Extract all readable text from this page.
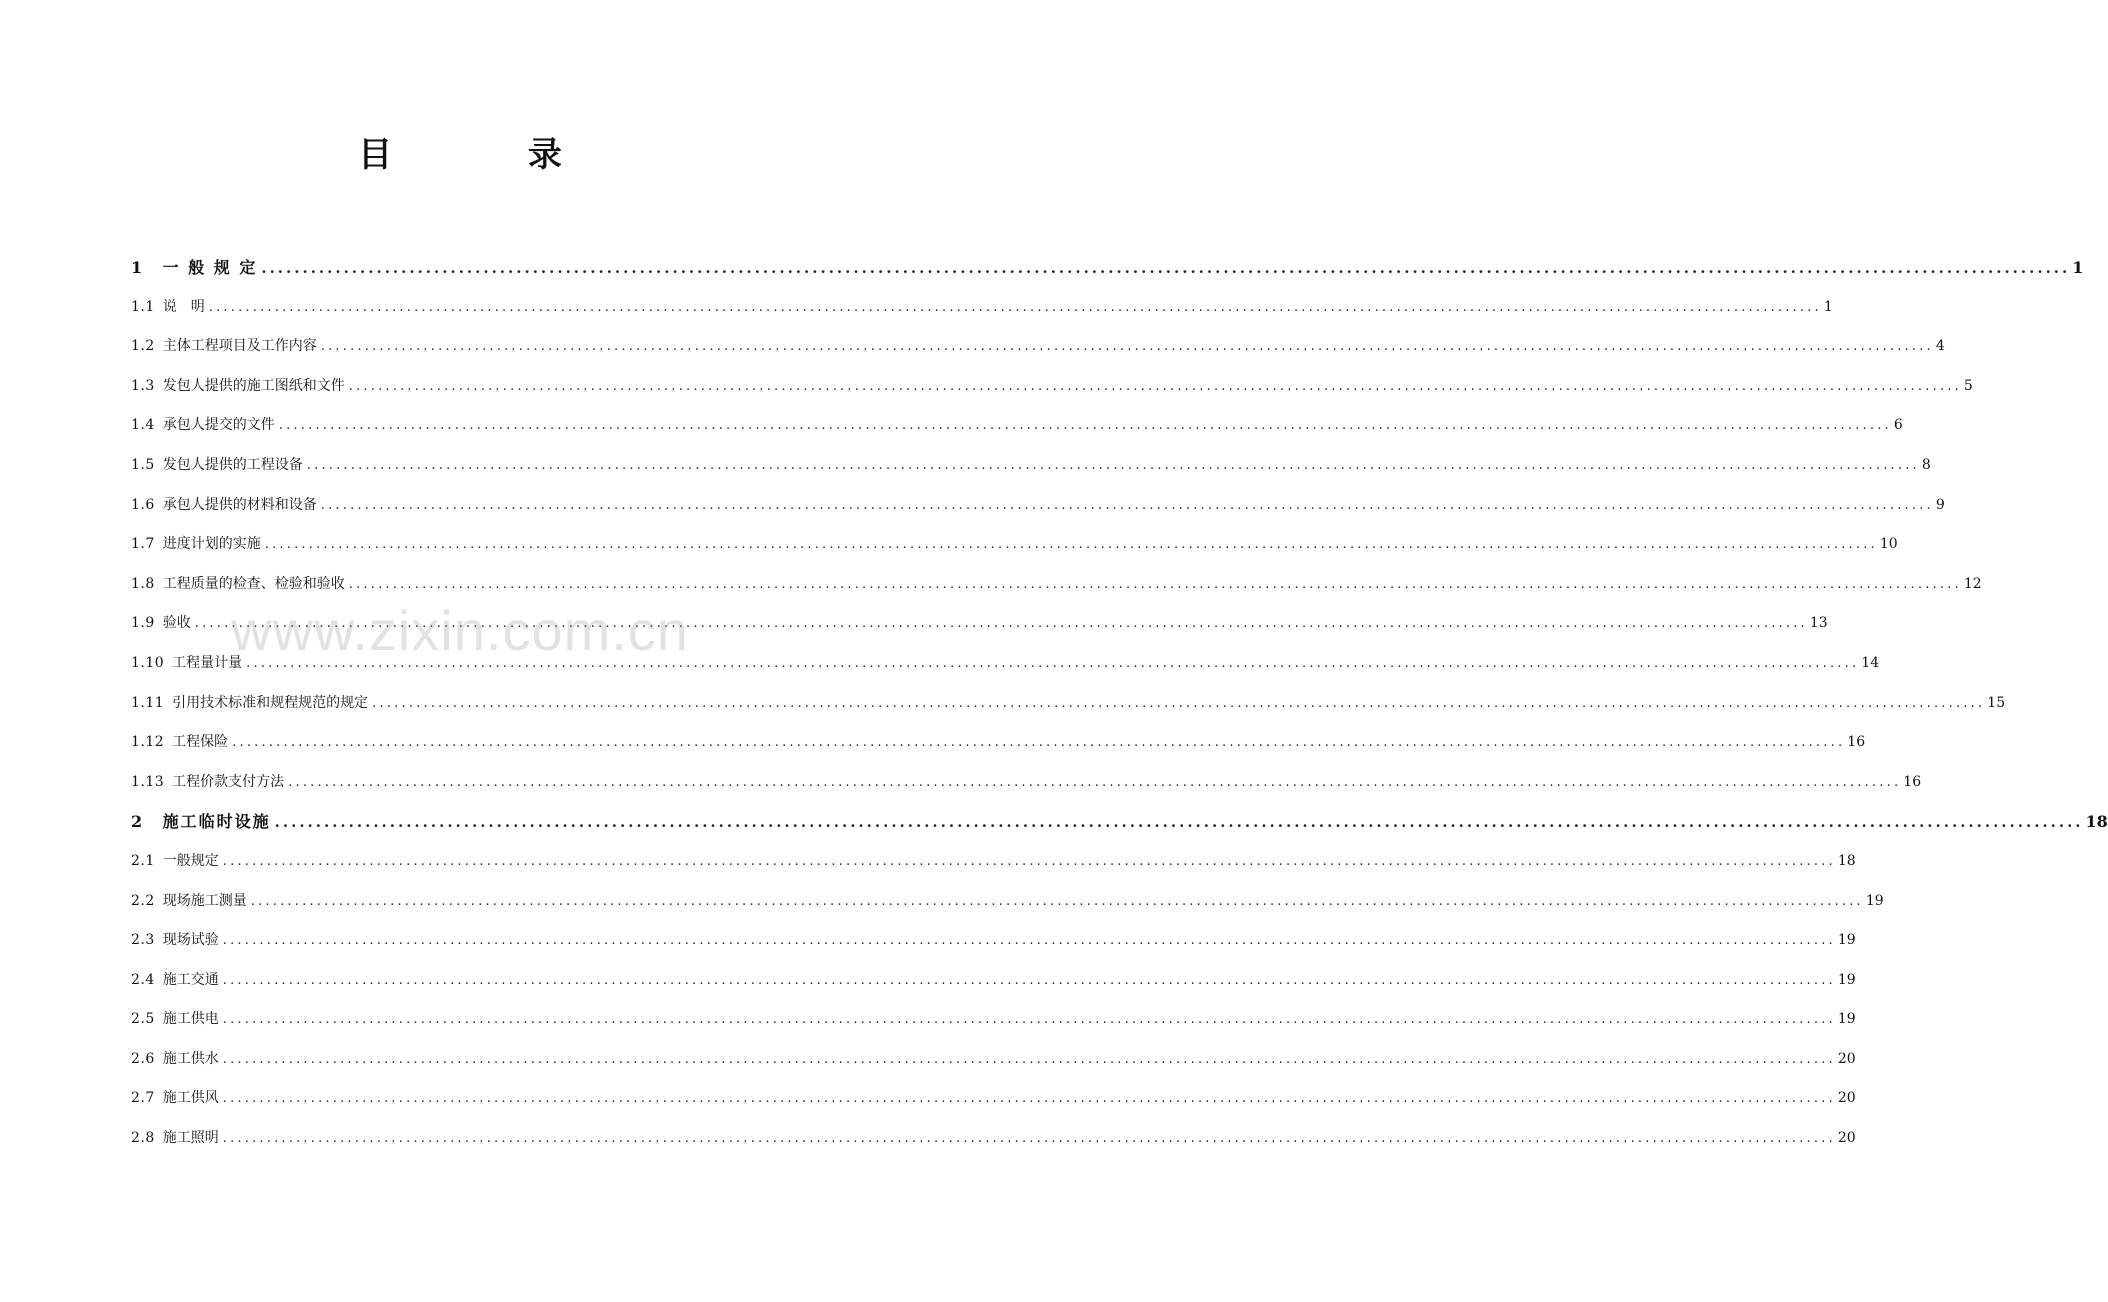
目 录
1	一 般 规 定 ............................................................................................................................................................................................................................ 1
1.1 说　明 ............................................................................................................................................................................................................................ 1
1.2 主体工程项目及工作内容 ............................................................................................................................................................................................................................ 4
1.3 发包人提供的施工图纸和文件 ............................................................................................................................................................................................................................ 5
1.4 承包人提交的文件 ............................................................................................................................................................................................................................ 6
1.5 发包人提供的工程设备 ............................................................................................................................................................................................................................ 8
1.6 承包人提供的材料和设备 ............................................................................................................................................................................................................................ 9
1.7 进度计划的实施 ............................................................................................................................................................................................................................ 10
1.8 工程质量的检查、检验和验收 ............................................................................................................................................................................................................................ 12
1.9 验收 ............................................................................................................................................................................................................................ 13
1.10 工程量计量 ............................................................................................................................................................................................................................ 14
1.11 引用技术标准和规程规范的规定 ............................................................................................................................................................................................................................ 15
1.12 工程保险 ............................................................................................................................................................................................................................ 16
1.13 工程价款支付方法 ............................................................................................................................................................................................................................ 16
2	施工临时设施 ............................................................................................................................................................................................................................ 18
2.1 一般规定 ............................................................................................................................................................................................................................ 18
2.2 现场施工测量 ............................................................................................................................................................................................................................ 19
2.3 现场试验 ............................................................................................................................................................................................................................ 19
2.4 施工交通 ............................................................................................................................................................................................................................ 19
2.5 施工供电 ............................................................................................................................................................................................................................ 19
2.6 施工供水 ............................................................................................................................................................................................................................ 20
2.7 施工供风 ............................................................................................................................................................................................................................ 20
2.8 施工照明 ............................................................................................................................................................................................................................ 20
www.zixin.com.cn
